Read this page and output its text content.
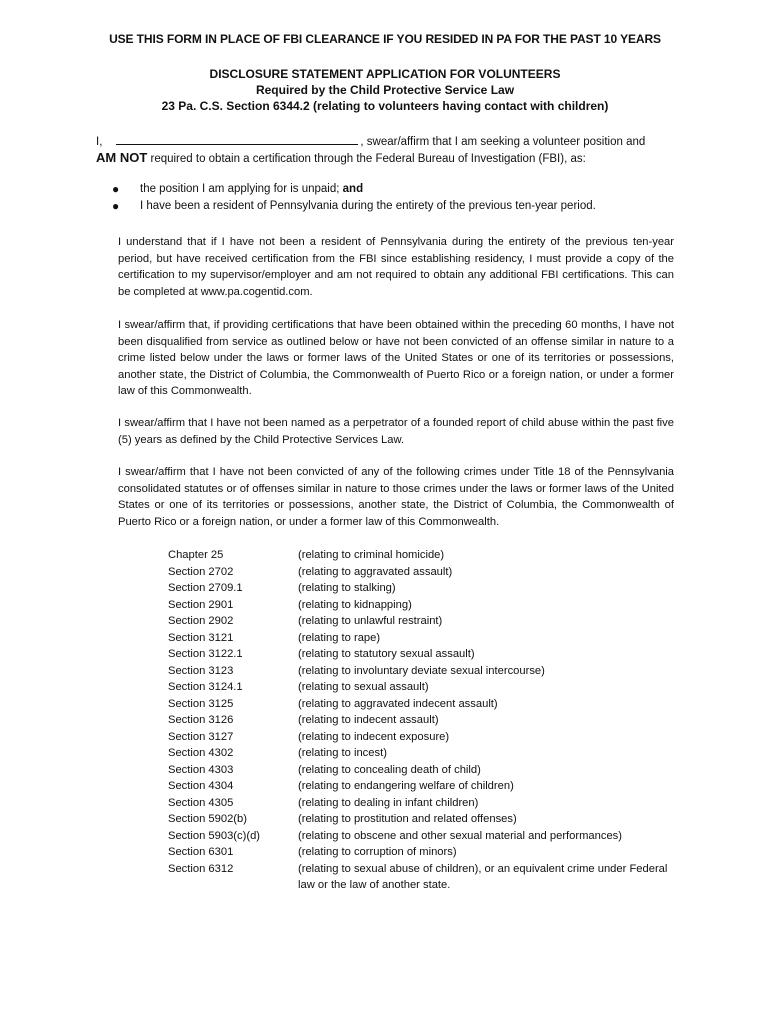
USE THIS FORM IN PLACE OF FBI CLEARANCE IF YOU RESIDED IN PA FOR THE PAST 10 YEARS
DISCLOSURE STATEMENT APPLICATION FOR VOLUNTEERS
Required by the Child Protective Service Law
23 Pa. C.S. Section 6344.2 (relating to volunteers having contact with children)
I,	, swear/affirm that I am seeking a volunteer position and
AM NOT required to obtain a certification through the Federal Bureau of Investigation (FBI), as:
● the position I am applying for is unpaid; and
● I have been a resident of Pennsylvania during the entirety of the previous ten-year period.

I understand that if I have not been a resident of Pennsylvania during the entirety of the previous ten-year period, but have received certification from the FBI since establishing residency, I must provide a copy of the certification to my supervisor/employer and am not required to obtain any additional FBI certifications. This can be completed at www.pa.cogentid.com.

I swear/affirm that, if providing certifications that have been obtained within the preceding 60 months, I have not been disqualified from service as outlined below or have not been convicted of an offense similar in nature to a crime listed below under the laws or former laws of the United States or one of its territories or possessions, another state, the District of Columbia, the Commonwealth of Puerto Rico or a foreign nation, or under a former law of this Commonwealth.

I swear/affirm that I have not been named as a perpetrator of a founded report of child abuse within the past five (5) years as defined by the Child Protective Services Law.

I swear/affirm that I have not been convicted of any of the following crimes under Title 18 of the Pennsylvania consolidated statutes or of offenses similar in nature to those crimes under the laws or former laws of the United States or one of its territories or possessions, another state, the District of Columbia, the Commonwealth of Puerto Rico or a foreign nation, or under a former law of this Commonwealth.

Chapter 25	(relating to criminal homicide)
Section 2702	(relating to aggravated assault)
Section 2709.1	(relating to stalking)
Section 2901	(relating to kidnapping)
Section 2902	(relating to unlawful restraint)
Section 3121	(relating to rape)
Section 3122.1	(relating to statutory sexual assault)
Section 3123	(relating to involuntary deviate sexual intercourse)
Section 3124.1	(relating to sexual assault)
Section 3125	(relating to aggravated indecent assault)
Section 3126	(relating to indecent assault)
Section 3127	(relating to indecent exposure)
Section 4302	(relating to incest)
Section 4303	(relating to concealing death of child)
Section 4304	(relating to endangering welfare of children)
Section 4305	(relating to dealing in infant children)
Section 5902(b)	(relating to prostitution and related offenses)
Section 5903(c)(d)	(relating to obscene and other sexual material and performances)
Section 6301	(relating to corruption of minors)
Section 6312	(relating to sexual abuse of children), or an equivalent crime under Federal law or the law of another state.
